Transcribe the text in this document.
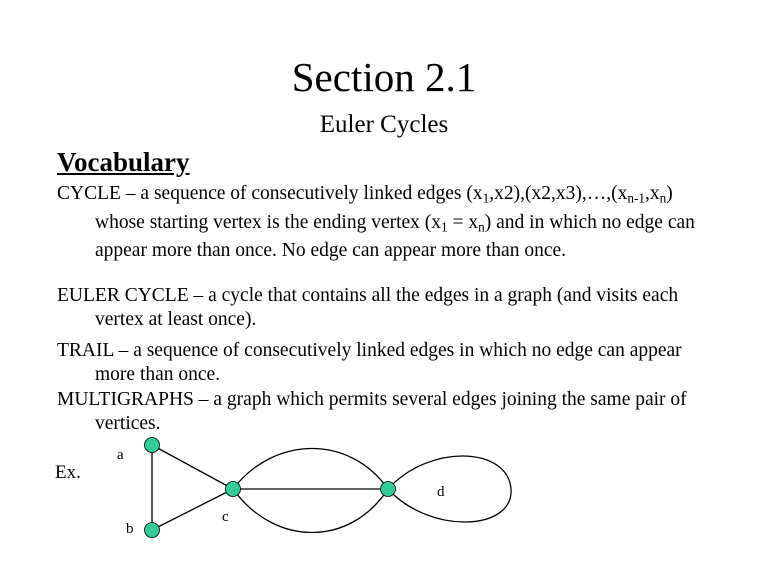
Section 2.1
Euler Cycles
Vocabulary
CYCLE – a sequence of consecutively linked edges $(x_1,x2),(x2,x3),\dots,(x_{n-1},x_n)$ whose starting vertex is the ending vertex $(x_1 = x_n)$ and in which no edge can appear more than once. No edge can appear more than once.
EULER CYCLE – a cycle that contains all the edges in a graph (and visits each vertex at least once).
TRAIL – a sequence of consecutively linked edges in which no edge can appear more than once.
MULTIGRAPHS – a graph which permits several edges joining the same pair of vertices.
Ex.
a
b
c
d
